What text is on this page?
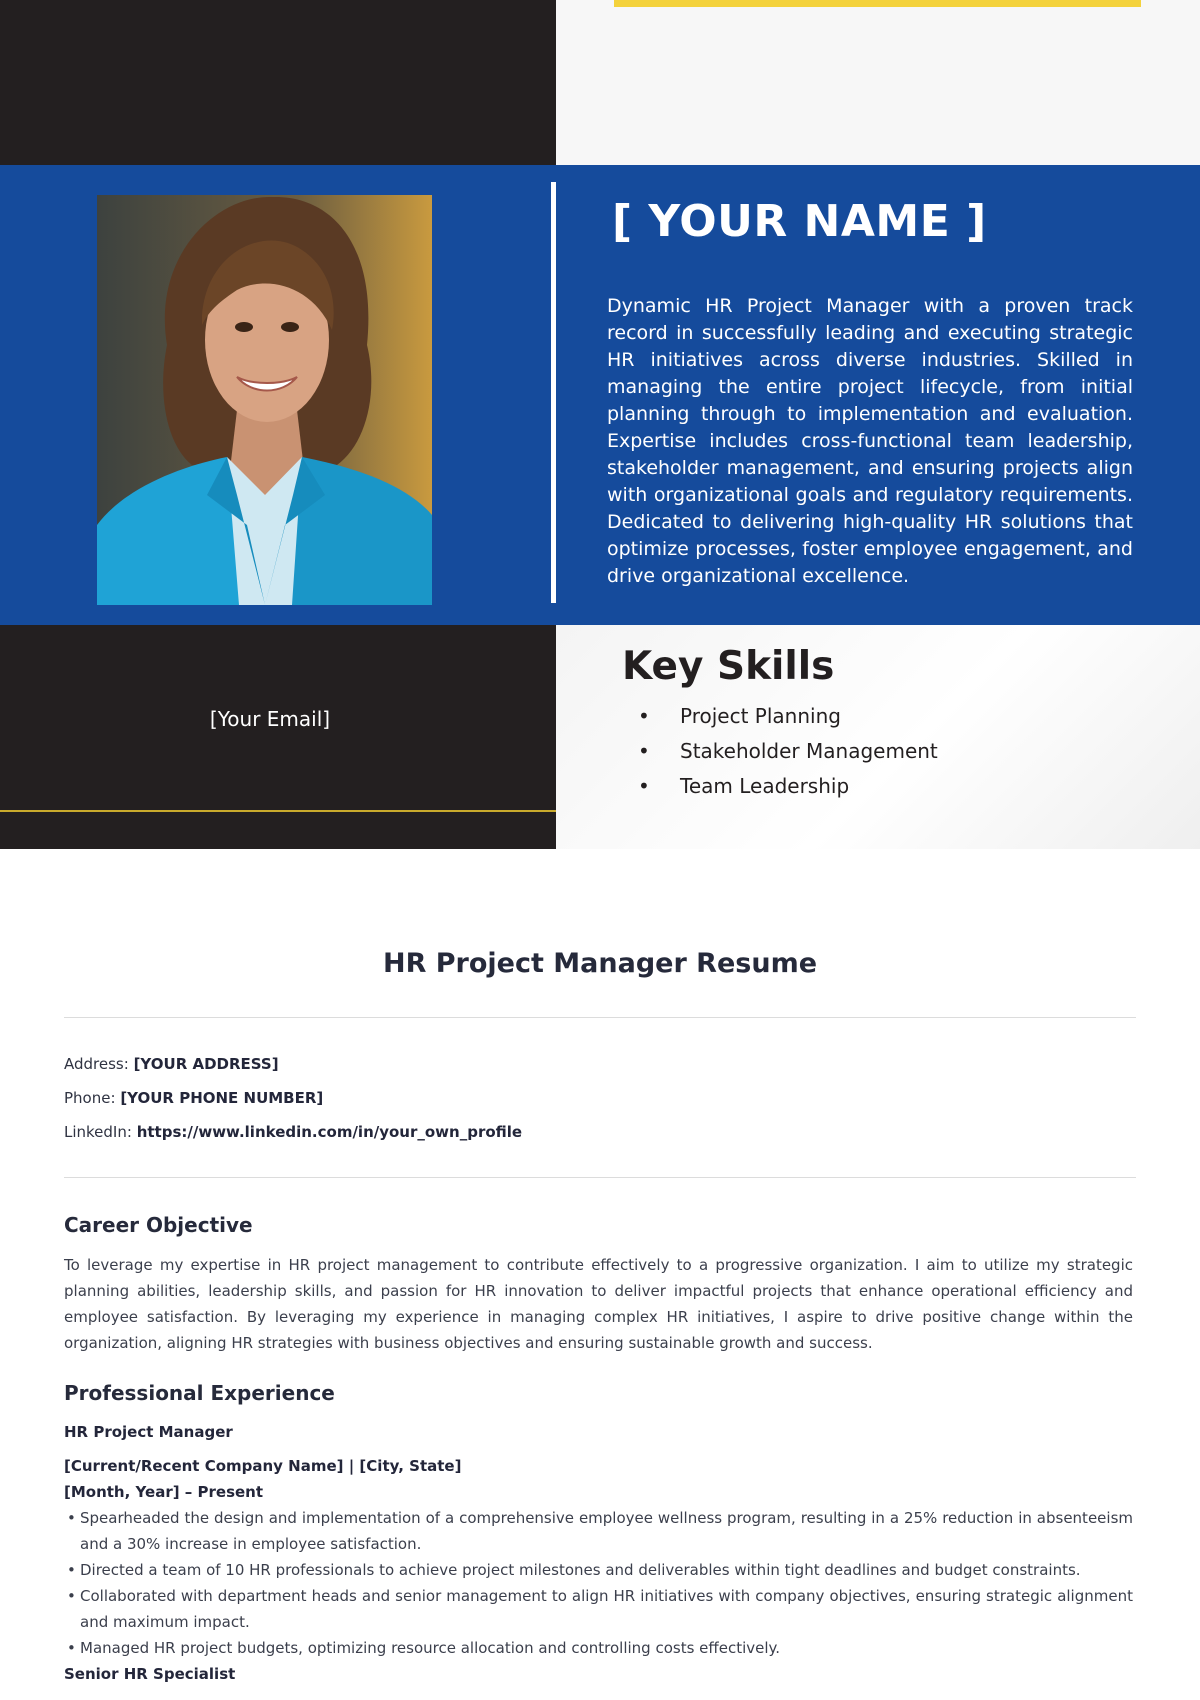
[ YOUR NAME ]

Dynamic HR Project Manager with a proven track record in successfully leading and executing strategic HR initiatives across diverse industries. Skilled in managing the entire project lifecycle, from initial planning through to implementation and evaluation. Expertise includes cross-functional team leadership, stakeholder management, and ensuring projects align with organizational goals and regulatory requirements. Dedicated to delivering high-quality HR solutions that optimize processes, foster employee engagement, and drive organizational excellence.

[Your Email]
Key Skills
• Project Planning
• Stakeholder Management
• Team Leadership
HR Project Manager Resume
Address: [YOUR ADDRESS]
Phone: [YOUR PHONE NUMBER]
LinkedIn: https://www.linkedin.com/in/your_own_profile
Career Objective

To leverage my expertise in HR project management to contribute effectively to a progressive organization. I aim to utilize my strategic planning abilities, leadership skills, and passion for HR innovation to deliver impactful projects that enhance operational efficiency and employee satisfaction. By leveraging my experience in managing complex HR initiatives, I aspire to drive positive change within the organization, aligning HR strategies with business objectives and ensuring sustainable growth and success.

Professional Experience
HR Project Manager
[Current/Recent Company Name] | [City, State]
[Month, Year] – Present
• Spearheaded the design and implementation of a comprehensive employee wellness program, resulting in a 25% reduction in absenteeism and a 30% increase in employee satisfaction.
• Directed a team of 10 HR professionals to achieve project milestones and deliverables within tight deadlines and budget constraints.
• Collaborated with department heads and senior management to align HR initiatives with company objectives, ensuring strategic alignment and maximum impact.
• Managed HR project budgets, optimizing resource allocation and controlling costs effectively.
Senior HR Specialist
